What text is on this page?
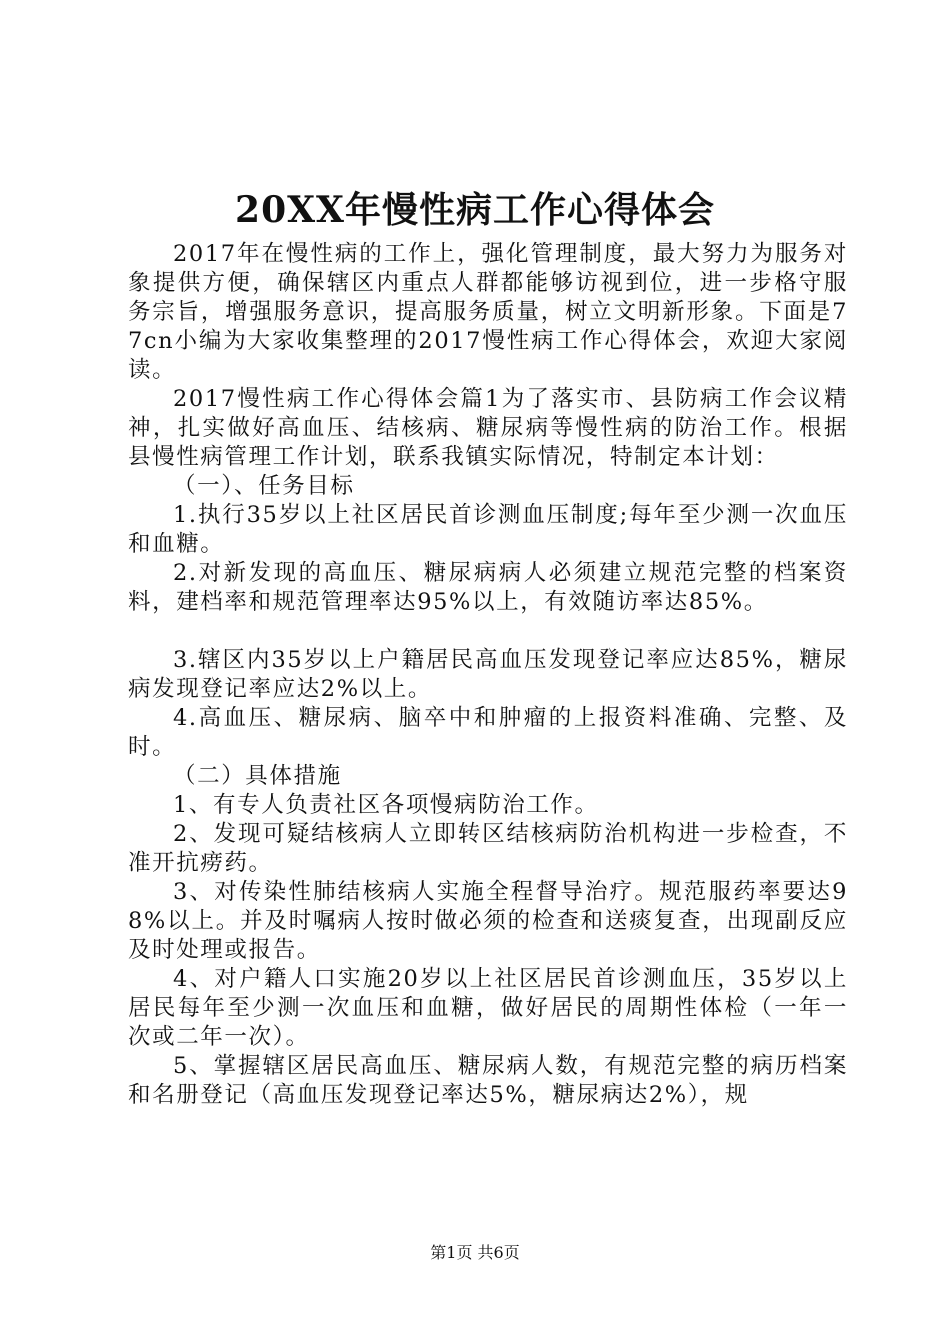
20XX年慢性病工作心得体会

2017年在慢性病的工作上，强化管理制度，最大努力为服务对象提供方便，确保辖区内重点人群都能够访视到位，进一步格守服务宗旨，增强服务意识，提高服务质量，树立文明新形象。下面是77cn小编为大家收集整理的2017慢性病工作心得体会，欢迎大家阅读。

2017慢性病工作心得体会篇1为了落实市、县防病工作会议精神，扎实做好高血压、结核病、糖尿病等慢性病的防治工作。根据县慢性病管理工作计划，联系我镇实际情况，特制定本计划：

（一）、任务目标

1.执行35岁以上社区居民首诊测血压制度;每年至少测一次血压和血糖。

2.对新发现的高血压、糖尿病病人必须建立规范完整的档案资料，建档率和规范管理率达95%以上，有效随访率达85%。

3.辖区内35岁以上户籍居民高血压发现登记率应达85%，糖尿病发现登记率应达2%以上。

4.高血压、糖尿病、脑卒中和肿瘤的上报资料准确、完整、及时。

（二）具体措施

1、有专人负责社区各项慢病防治工作。

2、发现可疑结核病人立即转区结核病防治机构进一步检查，不准开抗痨药。

3、对传染性肺结核病人实施全程督导治疗。规范服药率要达98%以上。并及时嘱病人按时做必须的检查和送痰复查，出现副反应及时处理或报告。

4、对户籍人口实施20岁以上社区居民首诊测血压，35岁以上居民每年至少测一次血压和血糖，做好居民的周期性体检（一年一次或二年一次）。

5、掌握辖区居民高血压、糖尿病人数，有规范完整的病历档案和名册登记（高血压发现登记率达5%，糖尿病达2%），规

第1页 共6页
